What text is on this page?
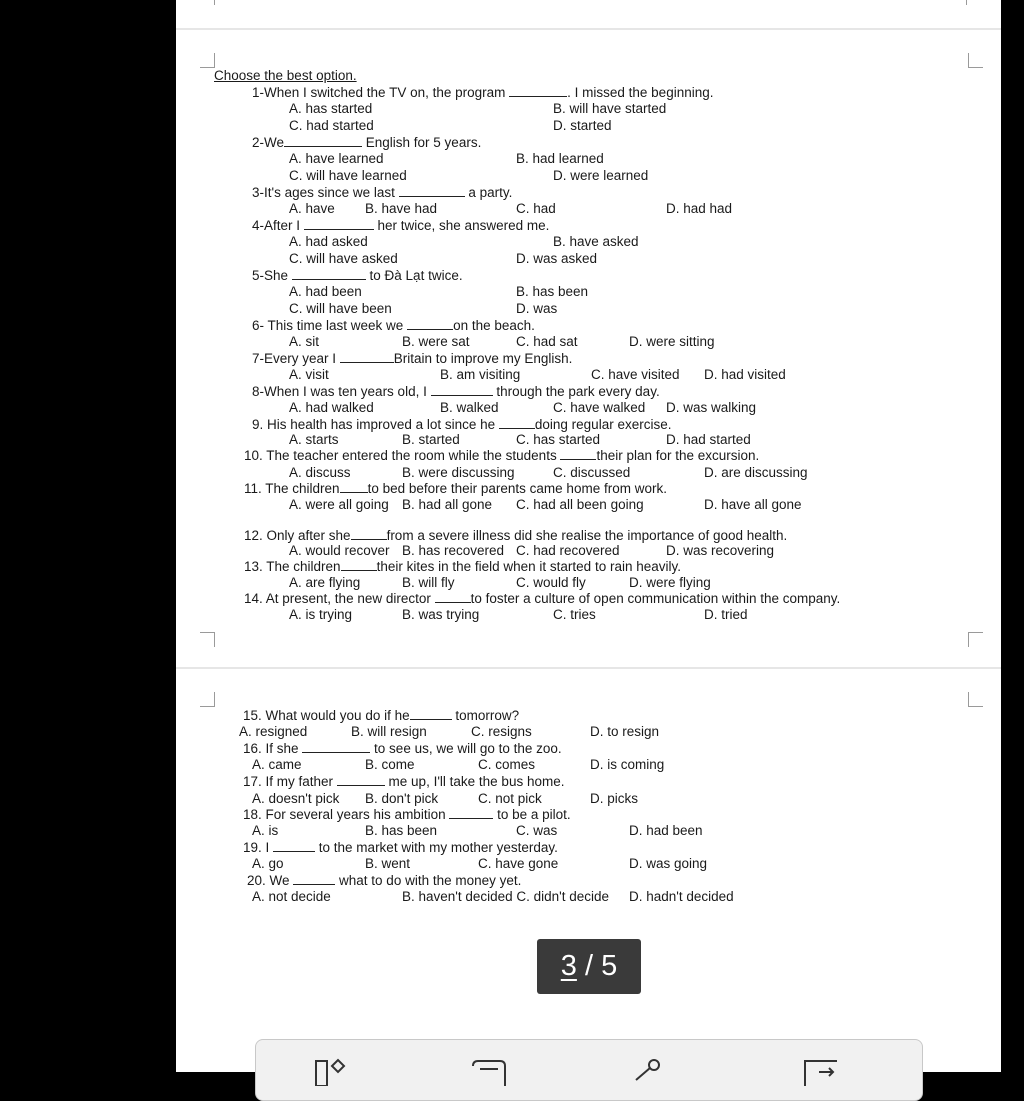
Choose the best option.
1-When I switched the TV on, the program	. I missed the beginning.
A. has started	B. will have started
C. had started	D. started
2-We	English for 5 years.
A. have learned	B. had learned
C. will have learned	D. were learned
3-It's ages since we last	a party.
A. have B. have had	C. had	D. had had
4-After I	her twice, she answered me.
A. had asked	B. have asked
C. will have asked	D. was asked
5-She	to Đà Lạt twice.
A. had been	B. has been
C. will have been	D. was
6- This time last week we	on the beach.
A. sit	B. were sat	C. had sat	D. were sitting
7-Every year I	Britain to improve my English.
A. visit	B. am visiting	C. have visited D. had visited
8-When I was ten years old, I	through the park every day.
A. had walked	B. walked	C. have walked D. was walking
9. His health has improved a lot since he	doing regular exercise.
A. starts	B. started	C. has started	D. had started
10. The teacher entered the room while the students	their plan for the excursion.
A. discuss	B. were discussing	C. discussed	D. are discussing
11. The children to bed before their parents came home from work.
A. were all going B. had all gone C. had all been going	D. have all gone
12. Only after she	from a severe illness did she realise the importance of good health.
A. would recover B. has recovered C. had recovered	D. was recovering
13. The children	their kites in the field when it started to rain heavily.
A. are flying	B. will fly	C. would fly	D. were flying
14. At present, the new director	to foster a culture of open communication within the company.
A. is trying	B. was trying	C. tries	D. tried
15. What would you do if he	tomorrow?
A. resigned	B. will resign	C. resigns	D. to resign
16. If she	to see us, we will go to the zoo.
A. came	B. come	C. comes	D. is coming
17. If my father	me up, I'll take the bus home.
A. doesn't pick B. don't pick	C. not pick	D. picks
18. For several years his ambition	to be a pilot.
A. is	B. has been	C. was	D. had been
19. I	to the market with my mother yesterday.
A. go	B. went	C. have gone	D. was going
20. We	what to do with the money yet.
A. not decide	B. haven't decided C. didn't decide D. hadn't decided
3 / 5
